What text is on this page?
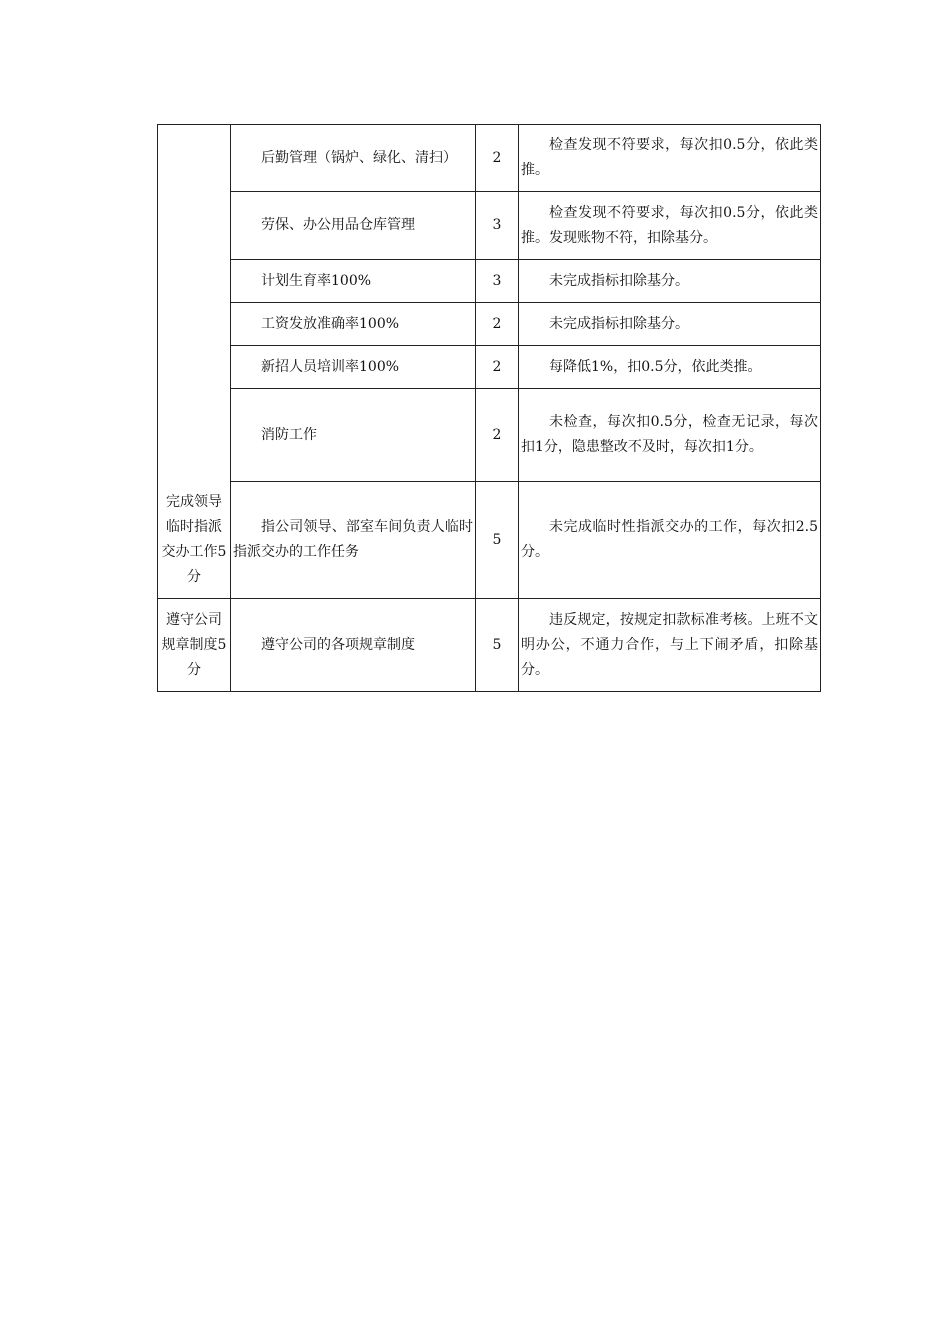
	后勤管理（锅炉、绿化、清扫）	2	检查发现不符要求，每次扣0.5分，依此类推。
	劳保、办公用品仓库管理	3	检查发现不符要求，每次扣0.5分，依此类推。发现账物不符，扣除基分。
	计划生育率100%	3	未完成指标扣除基分。
	工资发放准确率100%	2	未完成指标扣除基分。
	新招人员培训率100%	2	每降低1%，扣0.5分，依此类推。
	消防工作	2	未检查，每次扣0.5分，检查无记录，每次扣1分，隐患整改不及时，每次扣1分。
完成领导临时指派交办工作5分	指公司领导、部室车间负责人临时指派交办的工作任务	5	未完成临时性指派交办的工作，每次扣2.5分。
遵守公司规章制度5分	遵守公司的各项规章制度	5	违反规定，按规定扣款标准考核。上班不文明办公，不通力合作，与上下闹矛盾，扣除基分。
